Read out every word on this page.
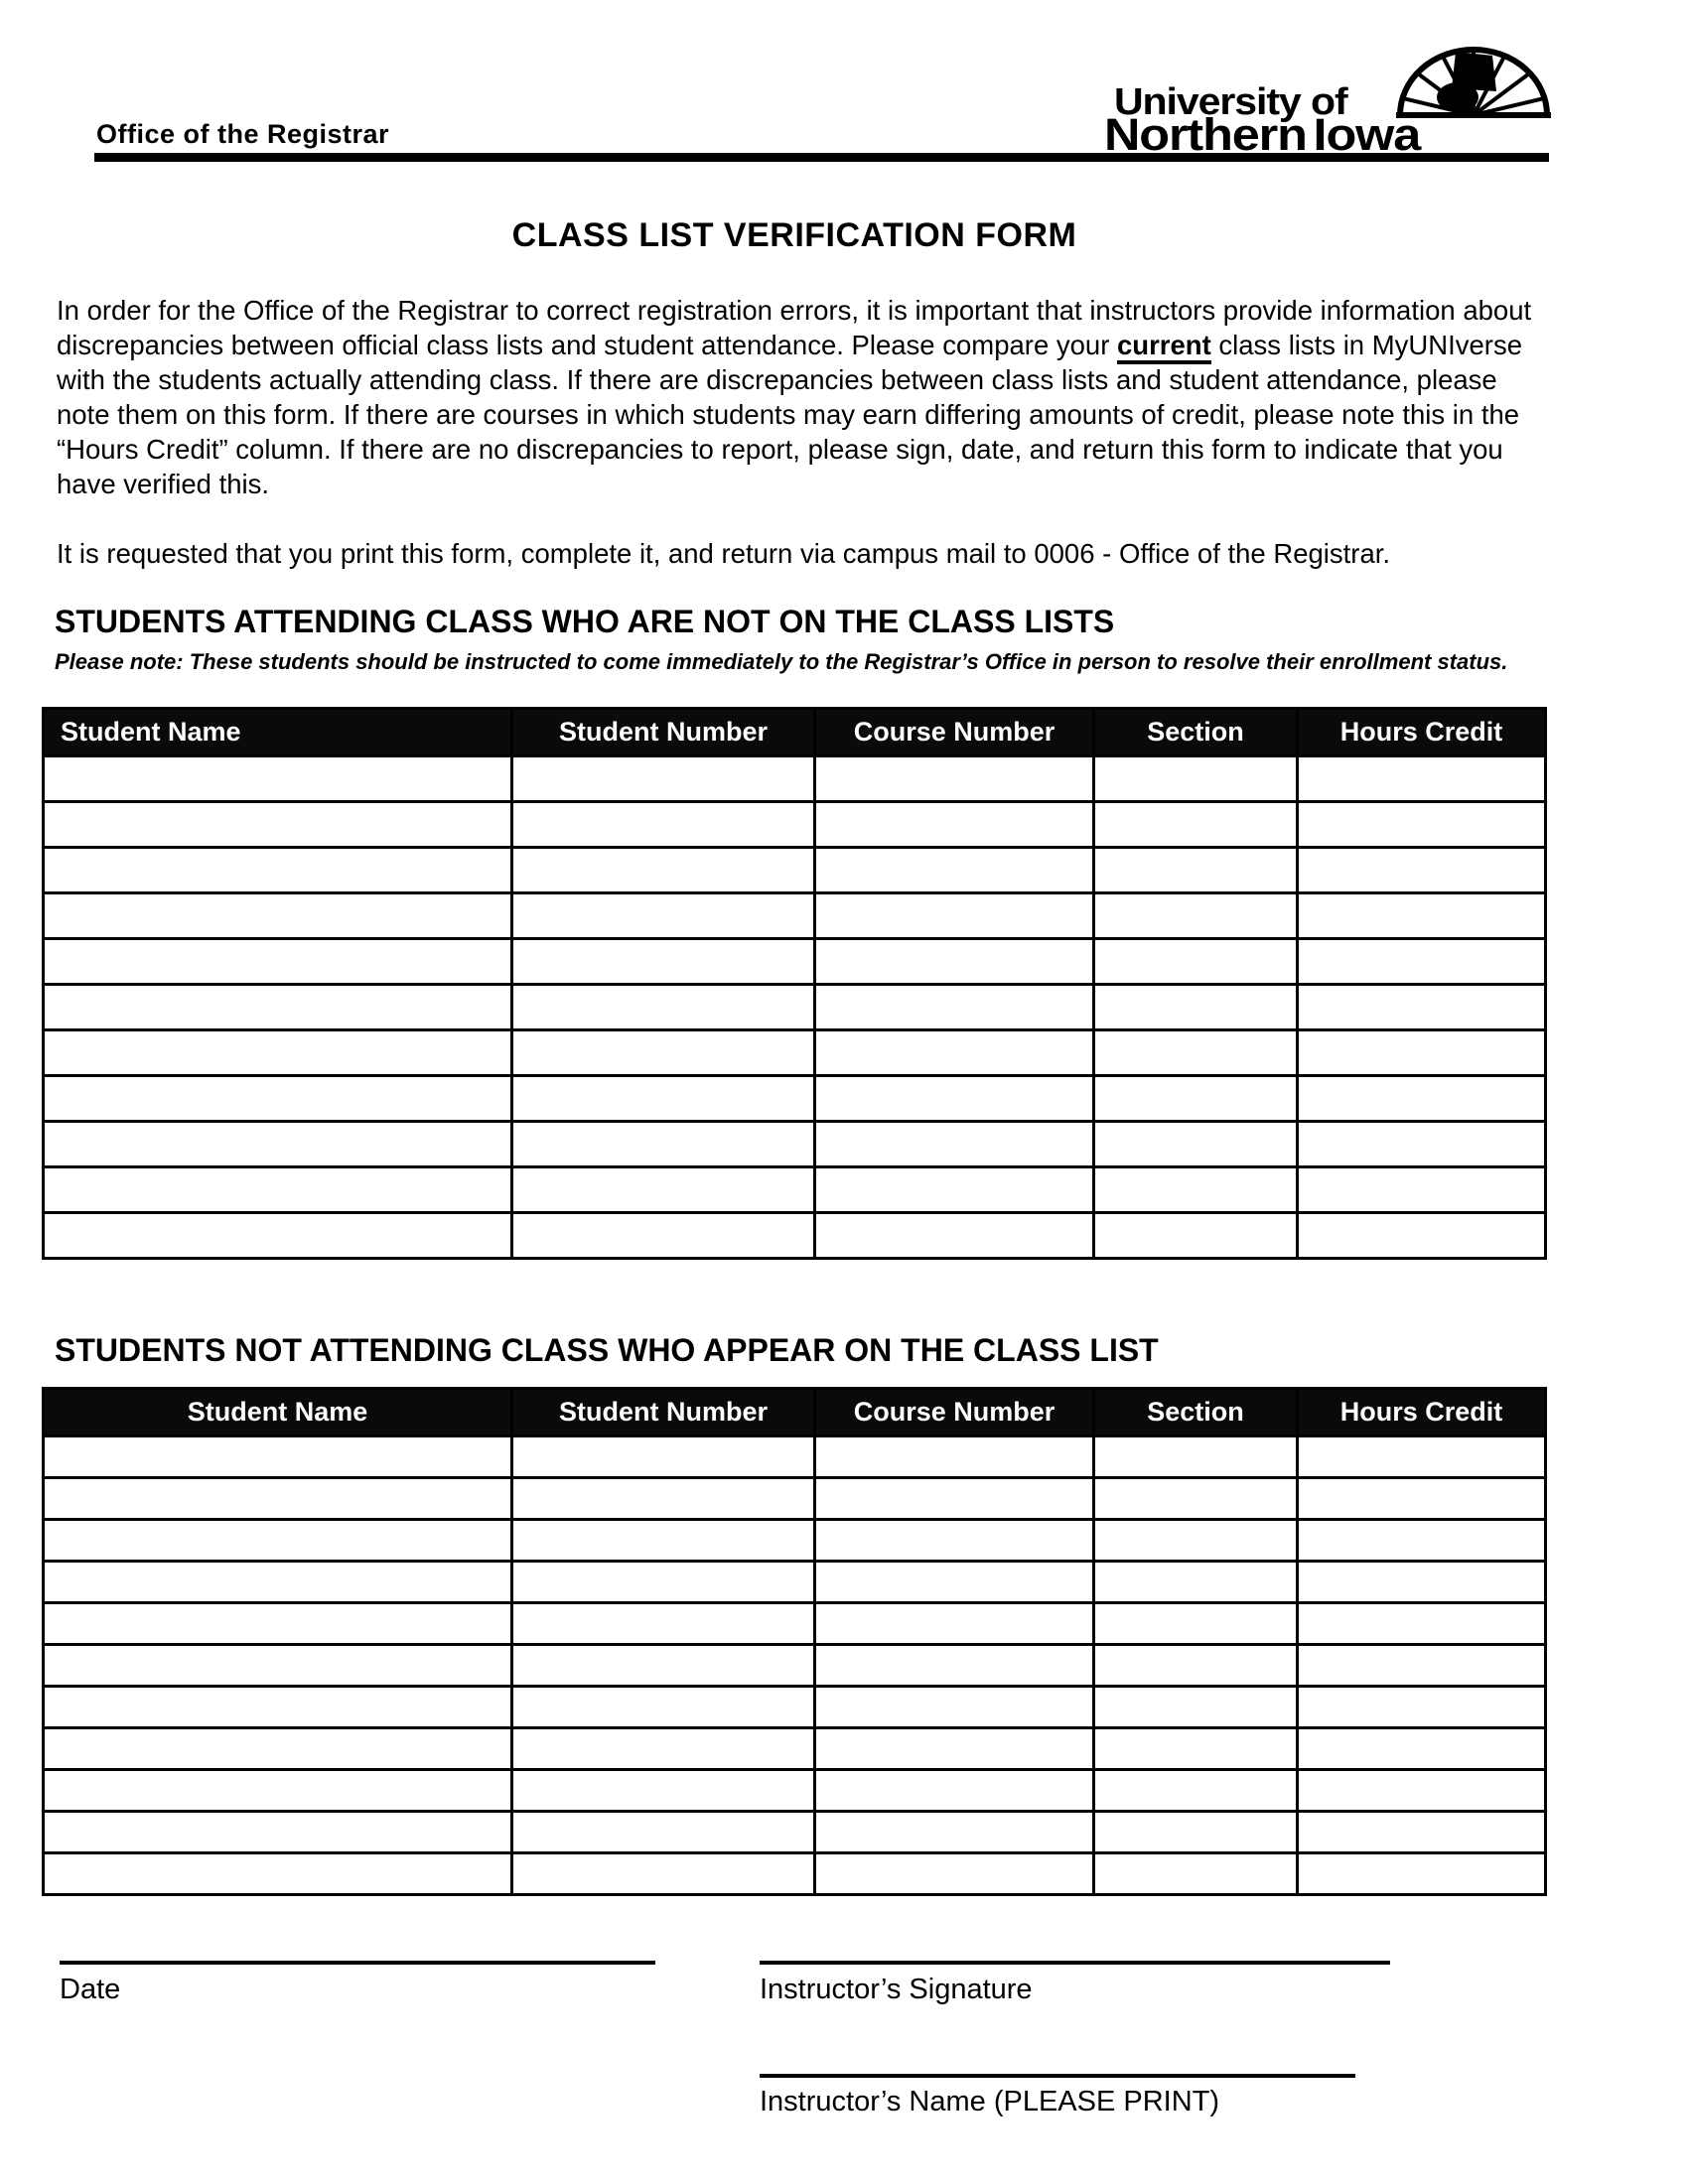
Office of the Registrar
University of
Northern Iowa
CLASS LIST VERIFICATION FORM

In order for the Office of the Registrar to correct registration errors, it is important that instructors provide information about discrepancies between official class lists and student attendance. Please compare your current class lists in MyUNIverse with the students actually attending class. If there are discrepancies between class lists and student attendance, please note them on this form. If there are courses in which students may earn differing amounts of credit, please note this in the “Hours Credit” column. If there are no discrepancies to report, please sign, date, and return this form to indicate that you have verified this.

It is requested that you print this form, complete it, and return via campus mail to 0006 - Office of the Registrar.

STUDENTS ATTENDING CLASS WHO ARE NOT ON THE CLASS LISTS

Please note: These students should be instructed to come immediately to the Registrar’s Office in person to resolve their enrollment status.

Student Name	Student Number	Course Number	Section	Hours Credit

STUDENTS NOT ATTENDING CLASS WHO APPEAR ON THE CLASS LIST
Student Name	Student Number	Course Number	Section	Hours Credit

Date	Instructor’s Signature
Instructor’s Name (PLEASE PRINT)
